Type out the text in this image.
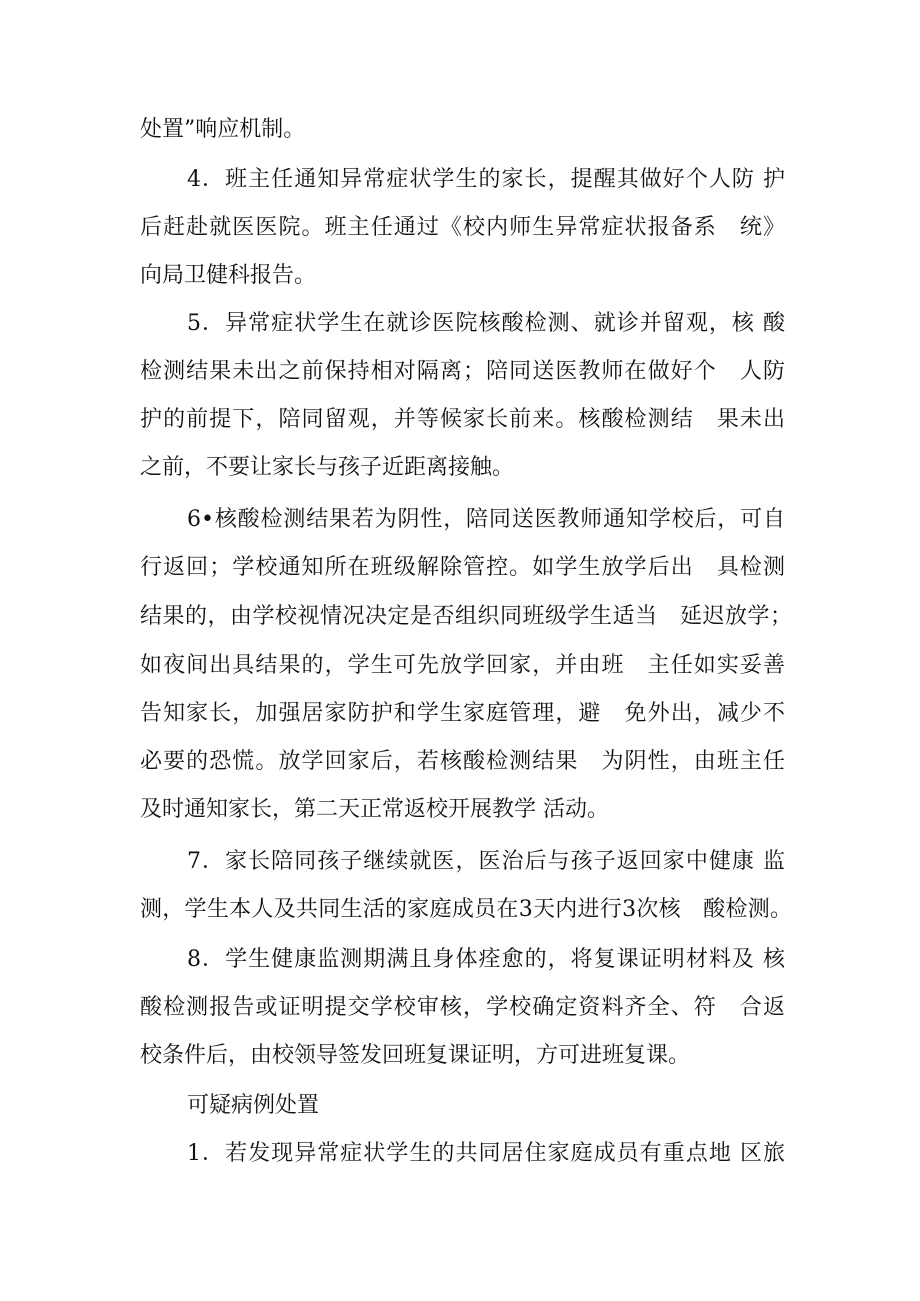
处置”响应机制。
4．班主任通知异常症状学生的家长，提醒其做好个人防 护
后赶赴就医医院。班主任通过《校内师生异常症状报备系　统》
向局卫健科报告。
5．异常症状学生在就诊医院核酸检测、就诊并留观，核 酸
检测结果未出之前保持相对隔离；陪同送医教师在做好个　人防
护的前提下，陪同留观，并等候家长前来。核酸检测结　果未出
之前，不要让家长与孩子近距离接触。
6•核酸检测结果若为阴性，陪同送医教师通知学校后，可自
行返回；学校通知所在班级解除管控。如学生放学后出　具检测
结果的，由学校视情况决定是否组织同班级学生适当　延迟放学；
如夜间出具结果的，学生可先放学回家，并由班　主任如实妥善
告知家长，加强居家防护和学生家庭管理，避　免外出，减少不
必要的恐慌。放学回家后，若核酸检测结果　为阴性，由班主任
及时通知家长，第二天正常返校开展教学 活动。
7．家长陪同孩子继续就医，医治后与孩子返回家中健康 监
测，学生本人及共同生活的家庭成员在3天内进行3次核　酸检测。
8．学生健康监测期满且身体痊愈的，将复课证明材料及 核
酸检测报告或证明提交学校审核，学校确定资料齐全、符　合返
校条件后，由校领导签发回班复课证明，方可进班复课。
可疑病例处置
1．若发现异常症状学生的共同居住家庭成员有重点地 区旅
